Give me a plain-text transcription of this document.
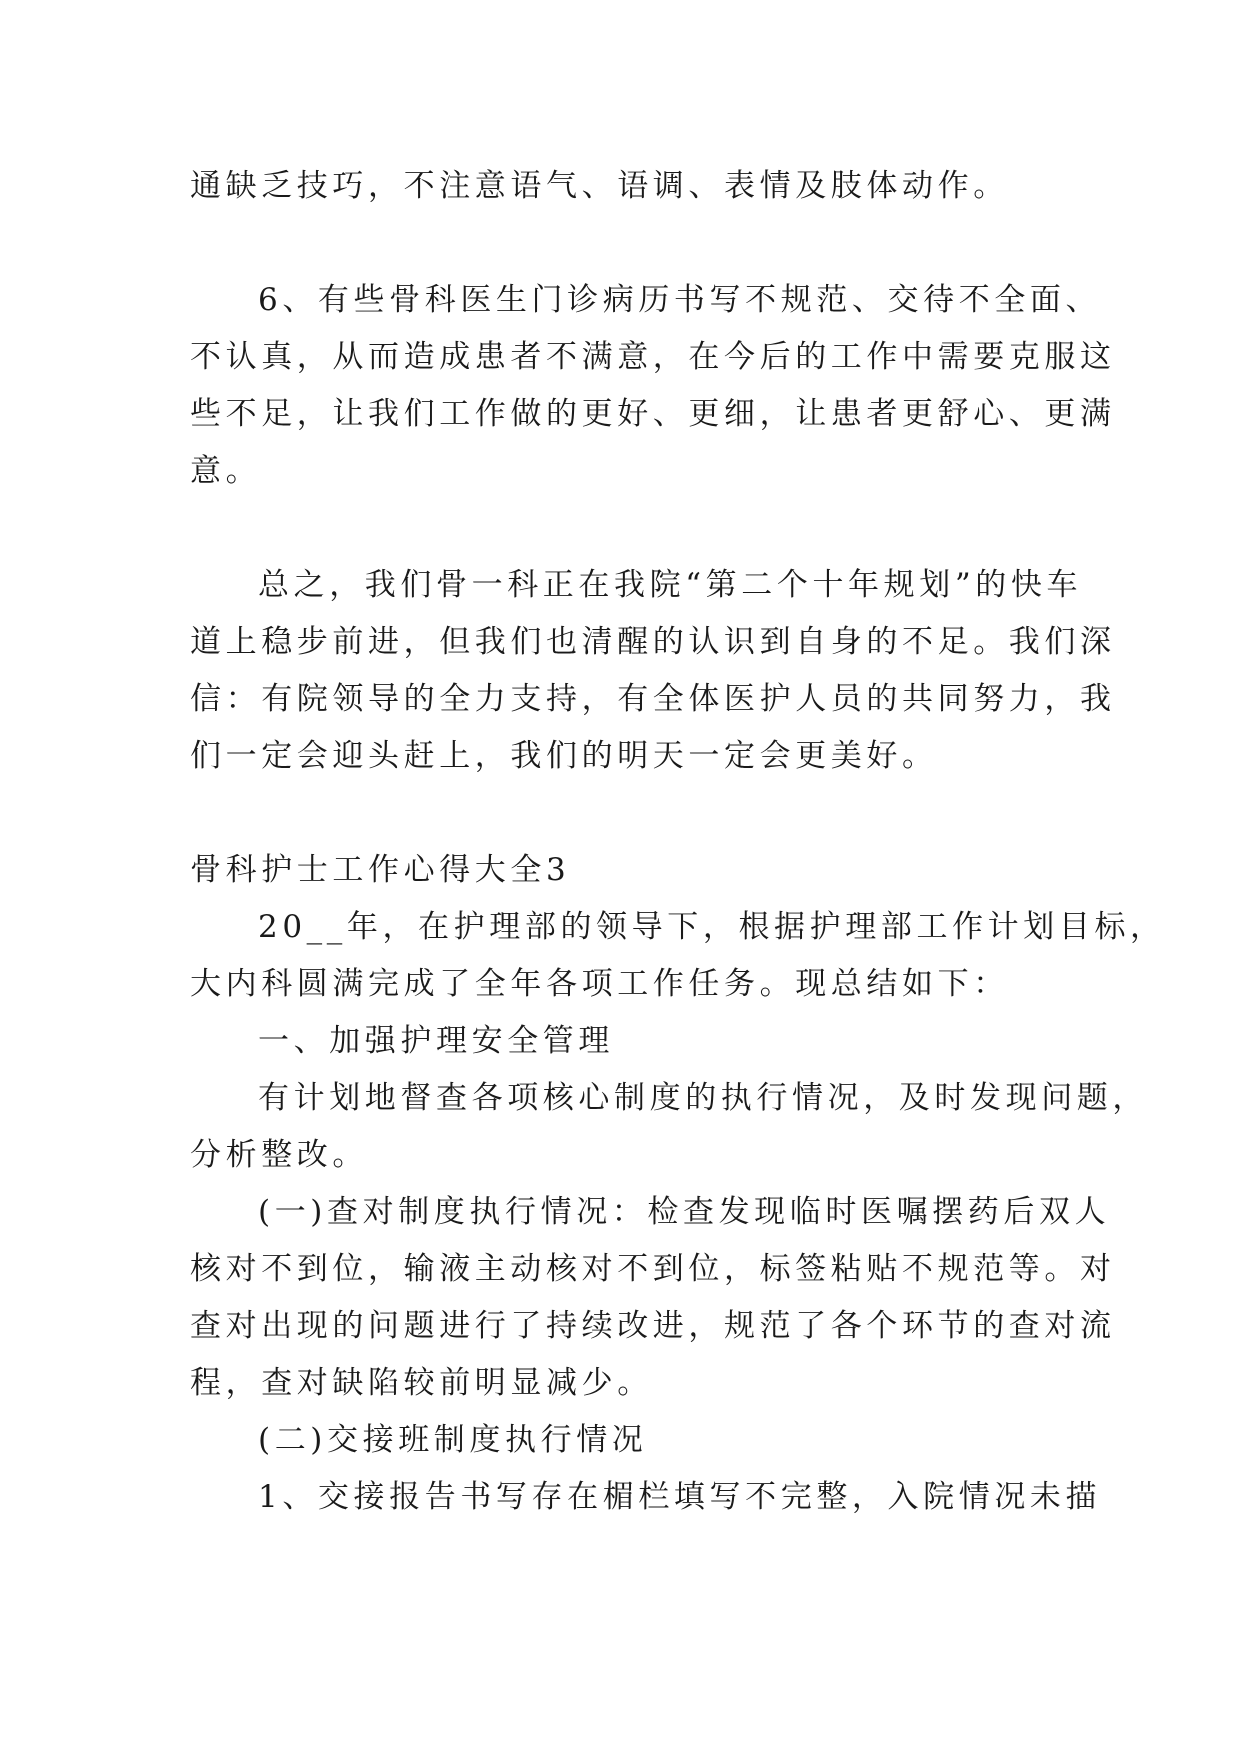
通缺乏技巧，不注意语气、语调、表情及肢体动作。
6、有些骨科医生门诊病历书写不规范、交待不全面、
不认真，从而造成患者不满意，在今后的工作中需要克服这
些不足，让我们工作做的更好、更细，让患者更舒心、更满
意。
总之，我们骨一科正在我院“第二个十年规划”的快车
道上稳步前进，但我们也清醒的认识到自身的不足。我们深
信：有院领导的全力支持，有全体医护人员的共同努力，我
们一定会迎头赶上，我们的明天一定会更美好。
骨科护士工作心得大全3
20__年，在护理部的领导下，根据护理部工作计划目标，
大内科圆满完成了全年各项工作任务。现总结如下：
一、加强护理安全管理
有计划地督查各项核心制度的执行情况，及时发现问题，
分析整改。
(一)查对制度执行情况：检查发现临时医嘱摆药后双人
核对不到位，输液主动核对不到位，标签粘贴不规范等。对
查对出现的问题进行了持续改进，规范了各个环节的查对流
程，查对缺陷较前明显减少。
(二)交接班制度执行情况
1、交接报告书写存在楣栏填写不完整，入院情况未描
